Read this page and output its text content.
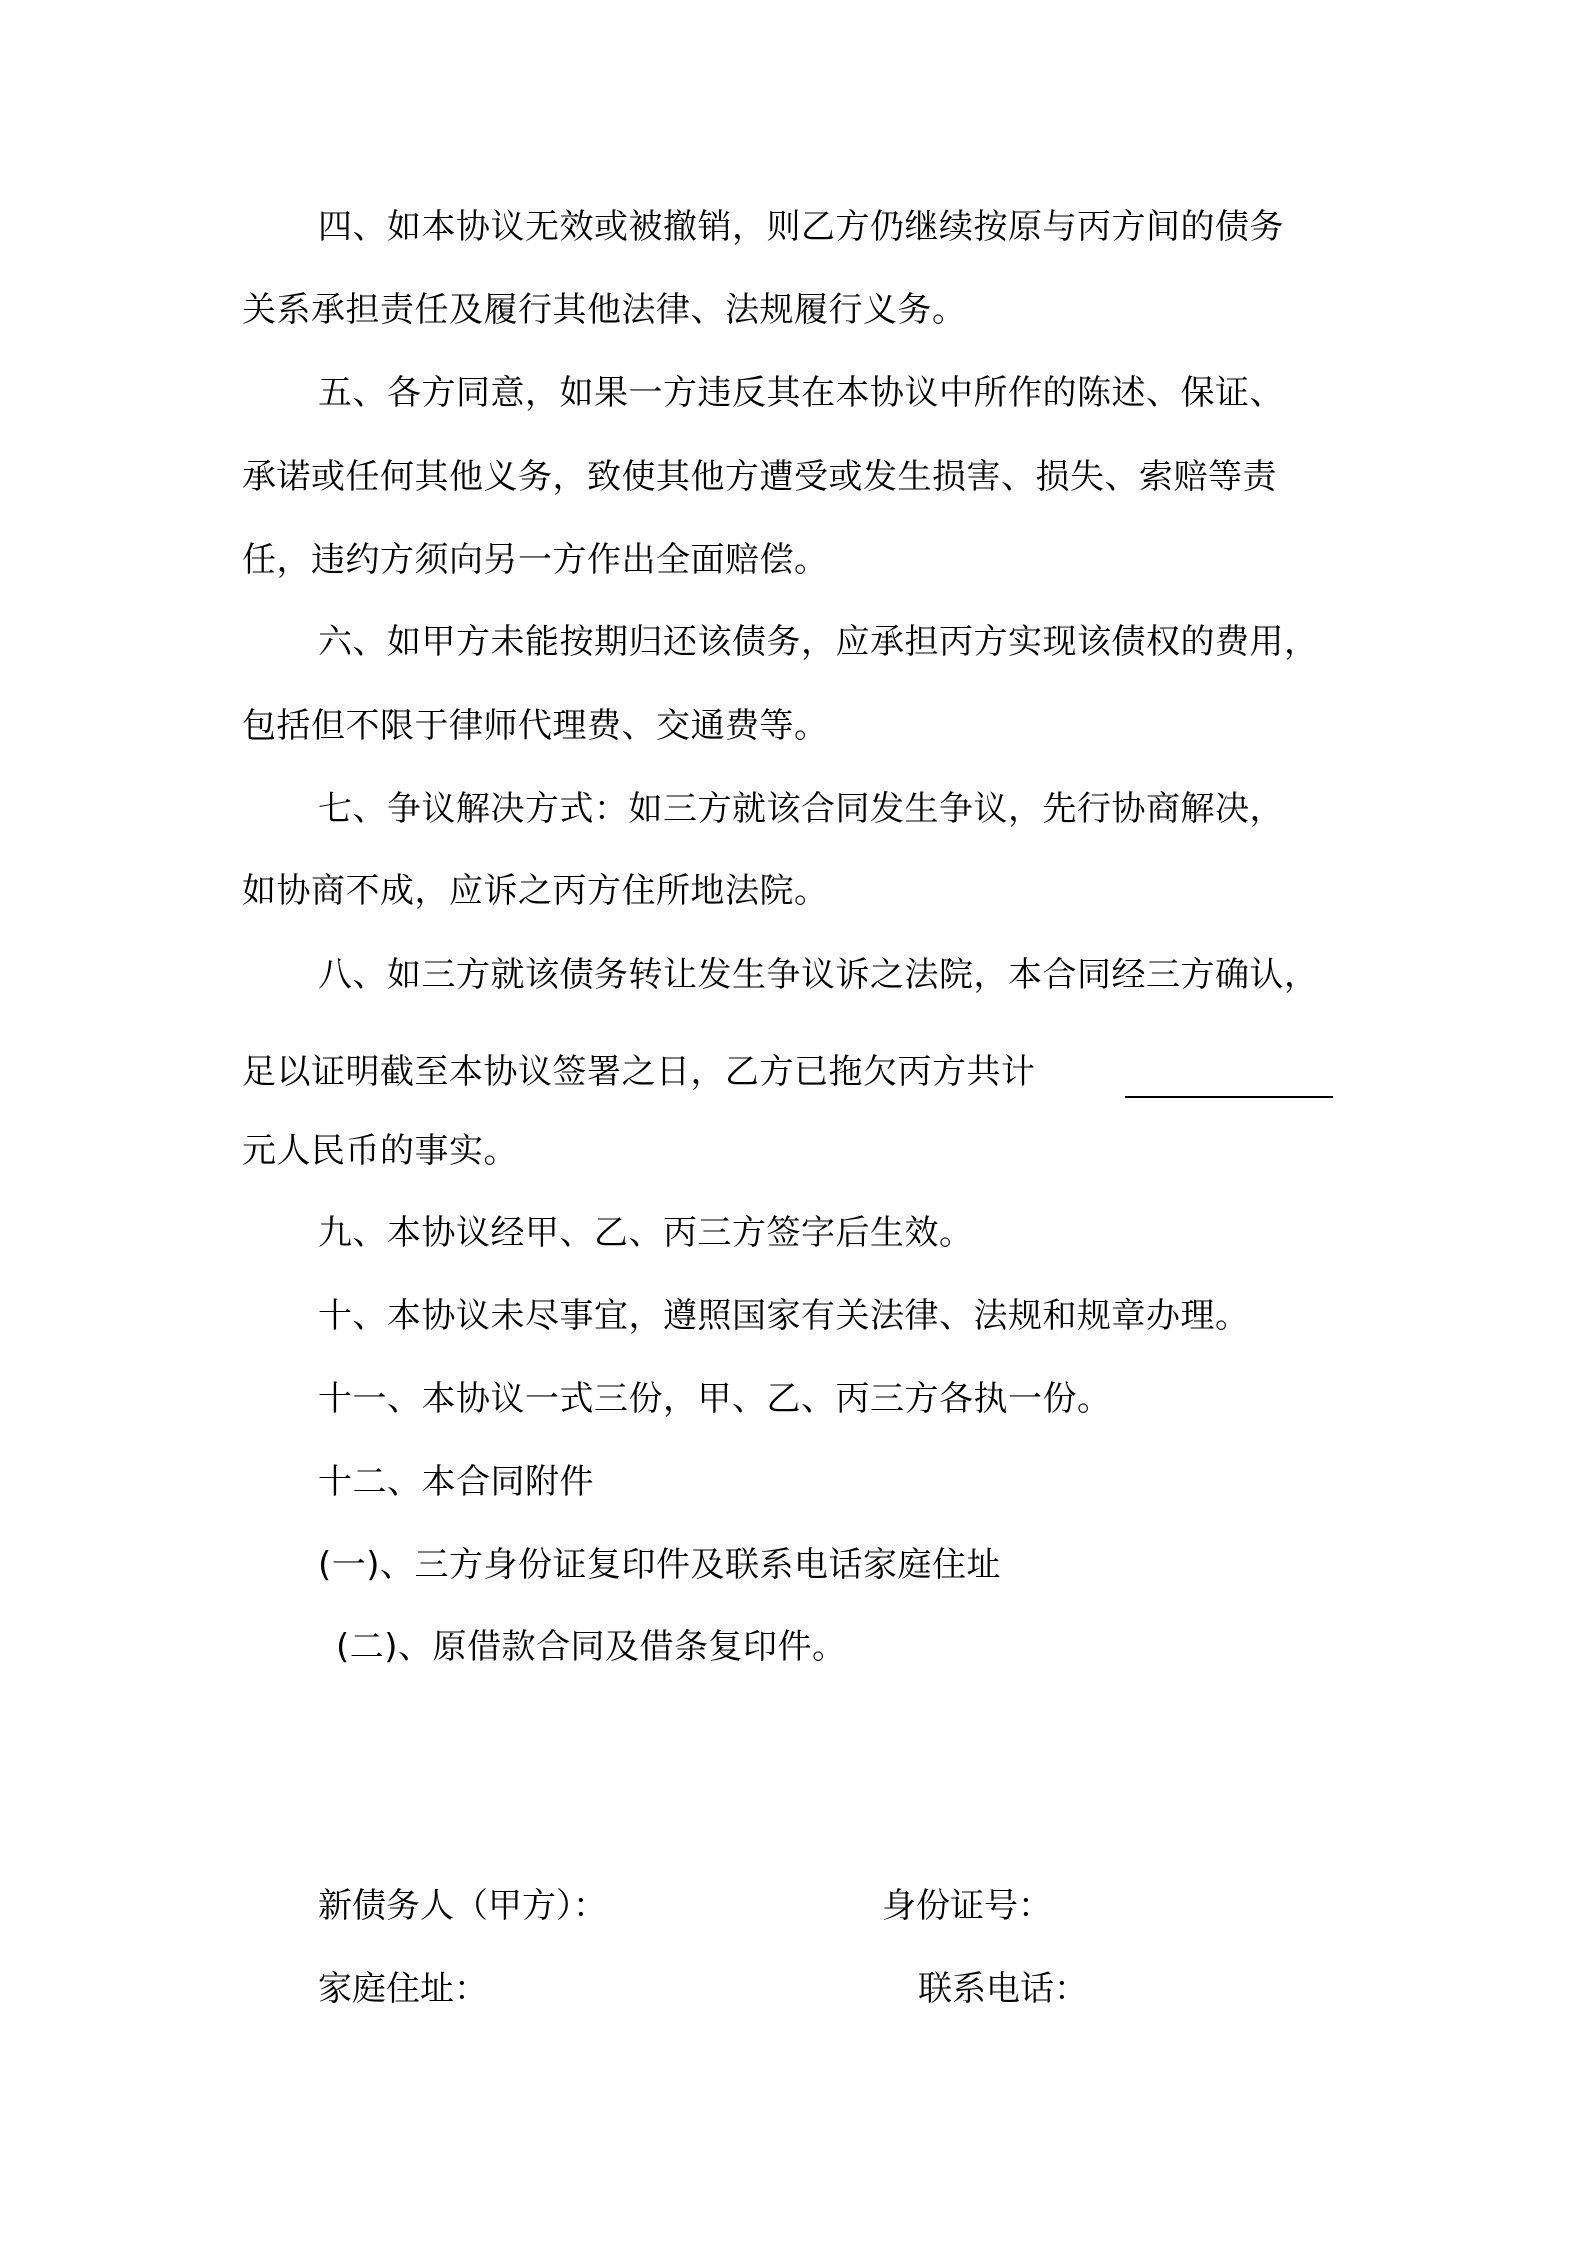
四、如本协议无效或被撤销，则乙方仍继续按原与丙方间的债务
关系承担责任及履行其他法律、法规履行义务。
五、各方同意，如果一方违反其在本协议中所作的陈述、保证、
承诺或任何其他义务，致使其他方遭受或发生损害、损失、索赔等责
任，违约方须向另一方作出全面赔偿。
六、如甲方未能按期归还该债务，应承担丙方实现该债权的费用，
包括但不限于律师代理费、交通费等。
七、争议解决方式：如三方就该合同发生争议，先行协商解决，
如协商不成，应诉之丙方住所地法院。
八、如三方就该债务转让发生争议诉之法院，本合同经三方确认，
足以证明截至本协议签署之日，乙方已拖欠丙方共计
元人民币的事实。
九、本协议经甲、乙、丙三方签字后生效。
十、本协议未尽事宜，遵照国家有关法律、法规和规章办理。
十一、本协议一式三份，甲、乙、丙三方各执一份。
十二、本合同附件
(一)、三方身份证复印件及联系电话家庭住址
(二)、原借款合同及借条复印件。
新债务人（甲方）：	身份证号：
家庭住址：	联系电话：
